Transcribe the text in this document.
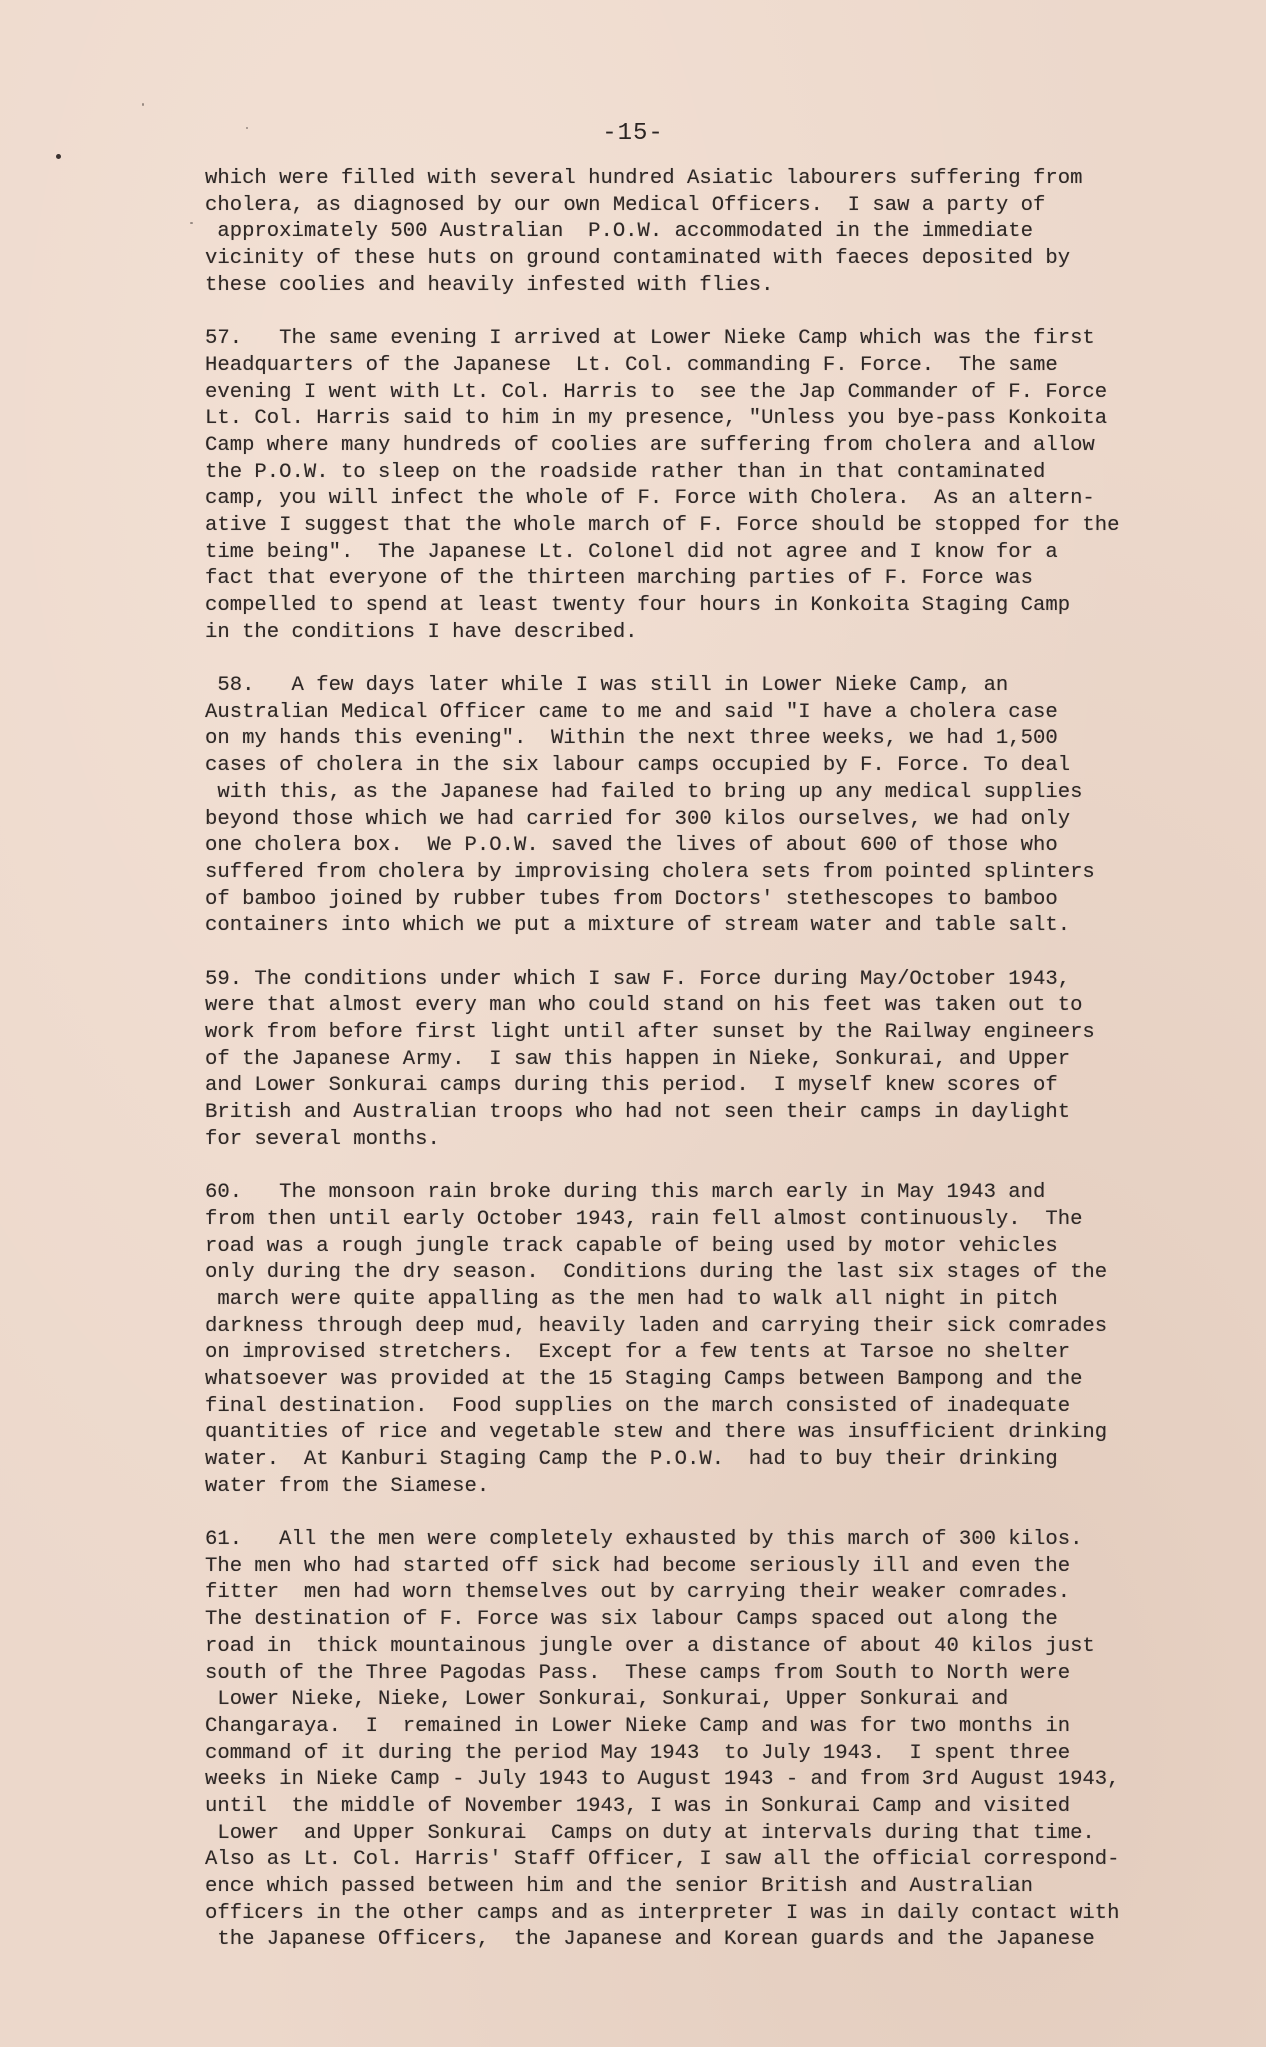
-15-
which were filled with several hundred Asiatic labourers suffering from
cholera, as diagnosed by our own Medical Officers.  I saw a party of
approximately 500 Australian  P.O.W. accommodated in the immediate
vicinity of these huts on ground contaminated with faeces deposited by
these coolies and heavily infested with flies.
57.   The same evening I arrived at Lower Nieke Camp which was the first
Headquarters of the Japanese  Lt. Col. commanding F. Force.  The same
evening I went with Lt. Col. Harris to  see the Jap Commander of F. Force
Lt. Col. Harris said to him in my presence, "Unless you bye-pass Konkoita
Camp where many hundreds of coolies are suffering from cholera and allow
the P.O.W. to sleep on the roadside rather than in that contaminated
camp, you will infect the whole of F. Force with Cholera.  As an altern-
ative I suggest that the whole march of F. Force should be stopped for the
time being".  The Japanese Lt. Colonel did not agree and I know for a
fact that everyone of the thirteen marching parties of F. Force was
compelled to spend at least twenty four hours in Konkoita Staging Camp
in the conditions I have described.
58.   A few days later while I was still in Lower Nieke Camp, an
Australian Medical Officer came to me and said "I have a cholera case
on my hands this evening".  Within the next three weeks, we had 1,500
cases of cholera in the six labour camps occupied by F. Force. To deal
with this, as the Japanese had failed to bring up any medical supplies
beyond those which we had carried for 300 kilos ourselves, we had only
one cholera box.  We P.O.W. saved the lives of about 600 of those who
suffered from cholera by improvising cholera sets from pointed splinters
of bamboo joined by rubber tubes from Doctors' stethescopes to bamboo
containers into which we put a mixture of stream water and table salt.
59. The conditions under which I saw F. Force during May/October 1943,
were that almost every man who could stand on his feet was taken out to
work from before first light until after sunset by the Railway engineers
of the Japanese Army.  I saw this happen in Nieke, Sonkurai, and Upper
and Lower Sonkurai camps during this period.  I myself knew scores of
British and Australian troops who had not seen their camps in daylight
for several months.
60.   The monsoon rain broke during this march early in May 1943 and
from then until early October 1943, rain fell almost continuously.  The
road was a rough jungle track capable of being used by motor vehicles
only during the dry season.  Conditions during the last six stages of the
march were quite appalling as the men had to walk all night in pitch
darkness through deep mud, heavily laden and carrying their sick comrades
on improvised stretchers.  Except for a few tents at Tarsoe no shelter
whatsoever was provided at the 15 Staging Camps between Bampong and the
final destination.  Food supplies on the march consisted of inadequate
quantities of rice and vegetable stew and there was insufficient drinking
water.  At Kanburi Staging Camp the P.O.W.  had to buy their drinking
water from the Siamese.
61.   All the men were completely exhausted by this march of 300 kilos.
The men who had started off sick had become seriously ill and even the
fitter  men had worn themselves out by carrying their weaker comrades.
The destination of F. Force was six labour Camps spaced out along the
road in  thick mountainous jungle over a distance of about 40 kilos just
south of the Three Pagodas Pass.  These camps from South to North were
Lower Nieke, Nieke, Lower Sonkurai, Sonkurai, Upper Sonkurai and
Changaraya.  I  remained in Lower Nieke Camp and was for two months in
command of it during the period May 1943  to July 1943.  I spent three
weeks in Nieke Camp - July 1943 to August 1943 - and from 3rd August 1943,
until  the middle of November 1943, I was in Sonkurai Camp and visited
Lower  and Upper Sonkurai  Camps on duty at intervals during that time.
Also as Lt. Col. Harris' Staff Officer, I saw all the official correspond-
ence which passed between him and the senior British and Australian
officers in the other camps and as interpreter I was in daily contact with
the Japanese Officers,  the Japanese and Korean guards and the Japanese
